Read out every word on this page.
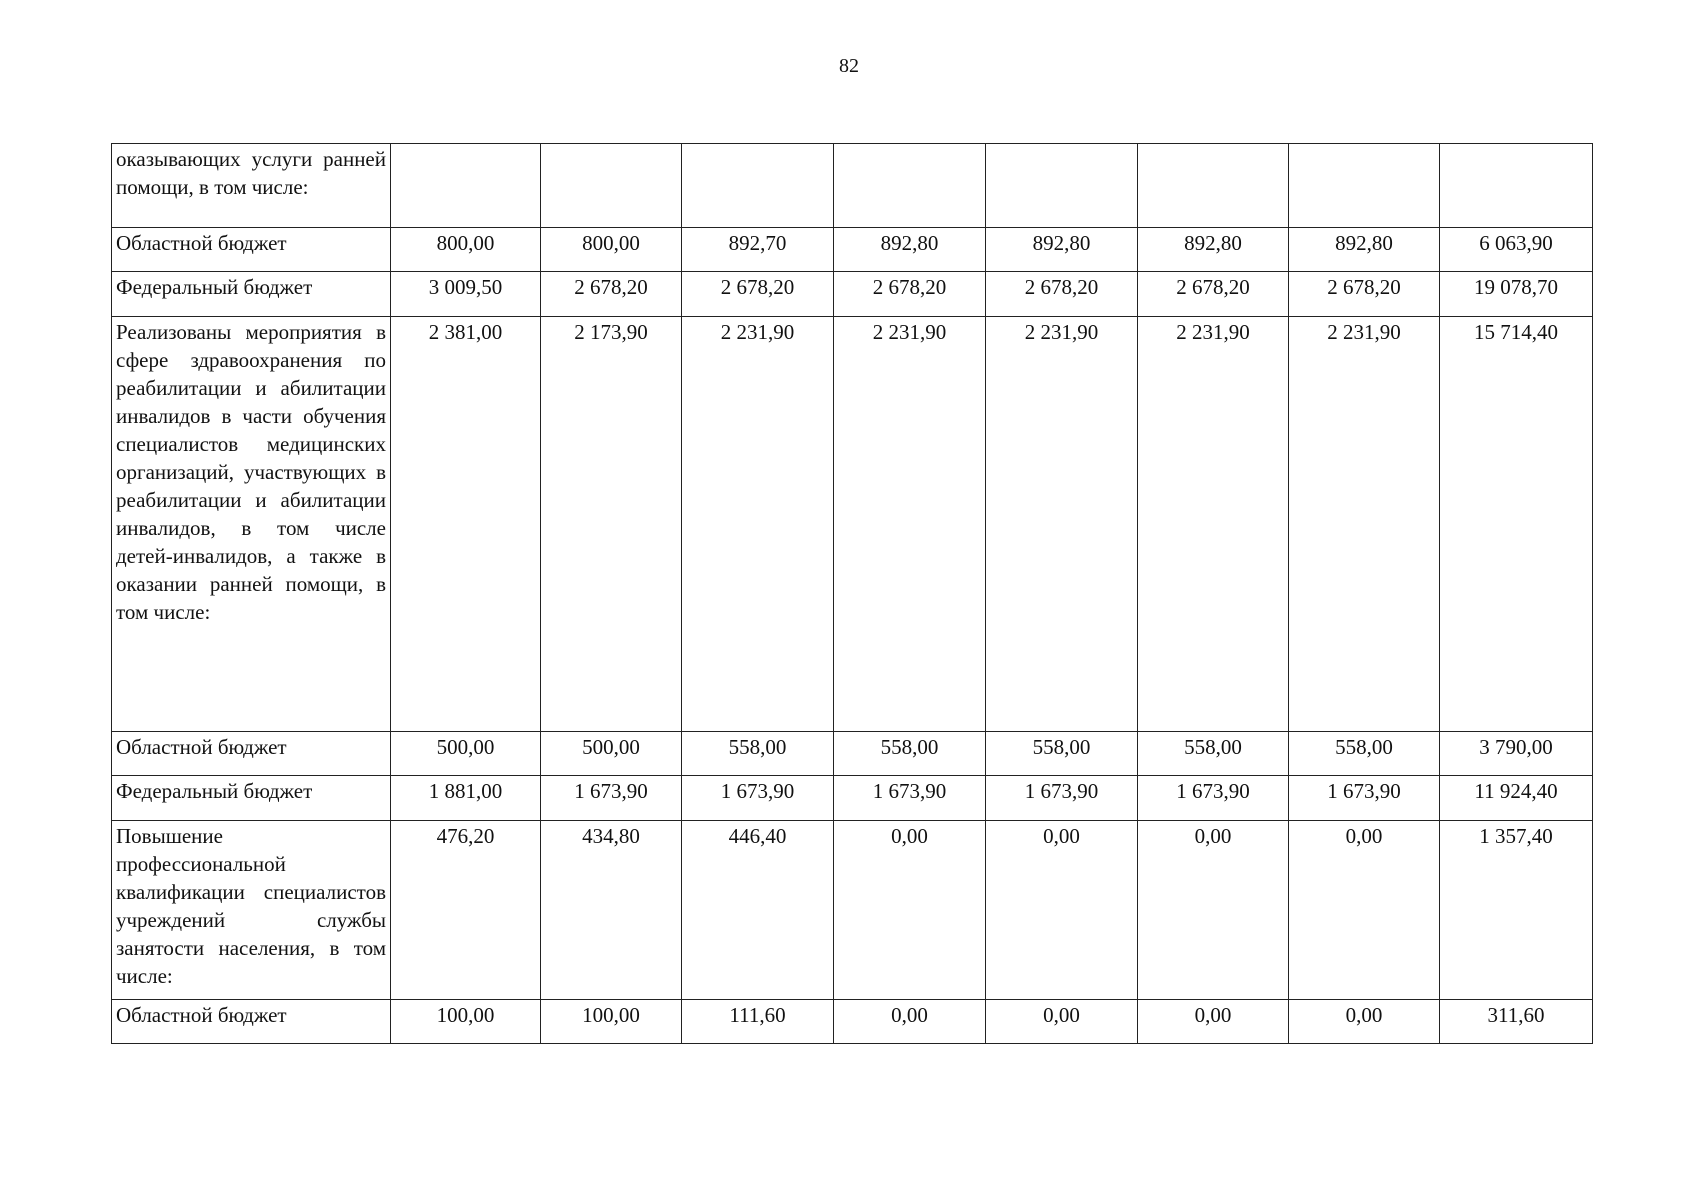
82
оказывающих услуги ранней помощи, в том числе:								
Областной бюджет	800,00	800,00	892,70	892,80	892,80	892,80	892,80	6 063,90
Федеральный бюджет	3 009,50	2 678,20	2 678,20	2 678,20	2 678,20	2 678,20	2 678,20	19 078,70
Реализованы мероприятия в сфере здравоохранения по реабилитации и абилитации инвалидов в части обучения специалистов медицинских организаций, участвующих в реабилитации и абилитации инвалидов, в том числе детей-инвалидов, а также в оказании ранней помощи, в том числе:	2 381,00	2 173,90	2 231,90	2 231,90	2 231,90	2 231,90	2 231,90	15 714,40
Областной бюджет	500,00	500,00	558,00	558,00	558,00	558,00	558,00	3 790,00
Федеральный бюджет	1 881,00	1 673,90	1 673,90	1 673,90	1 673,90	1 673,90	1 673,90	11 924,40
Повышение профессиональной квалификации специалистов учреждений службы занятости населения, в том числе:	476,20	434,80	446,40	0,00	0,00	0,00	0,00	1 357,40
Областной бюджет	100,00	100,00	111,60	0,00	0,00	0,00	0,00	311,60
